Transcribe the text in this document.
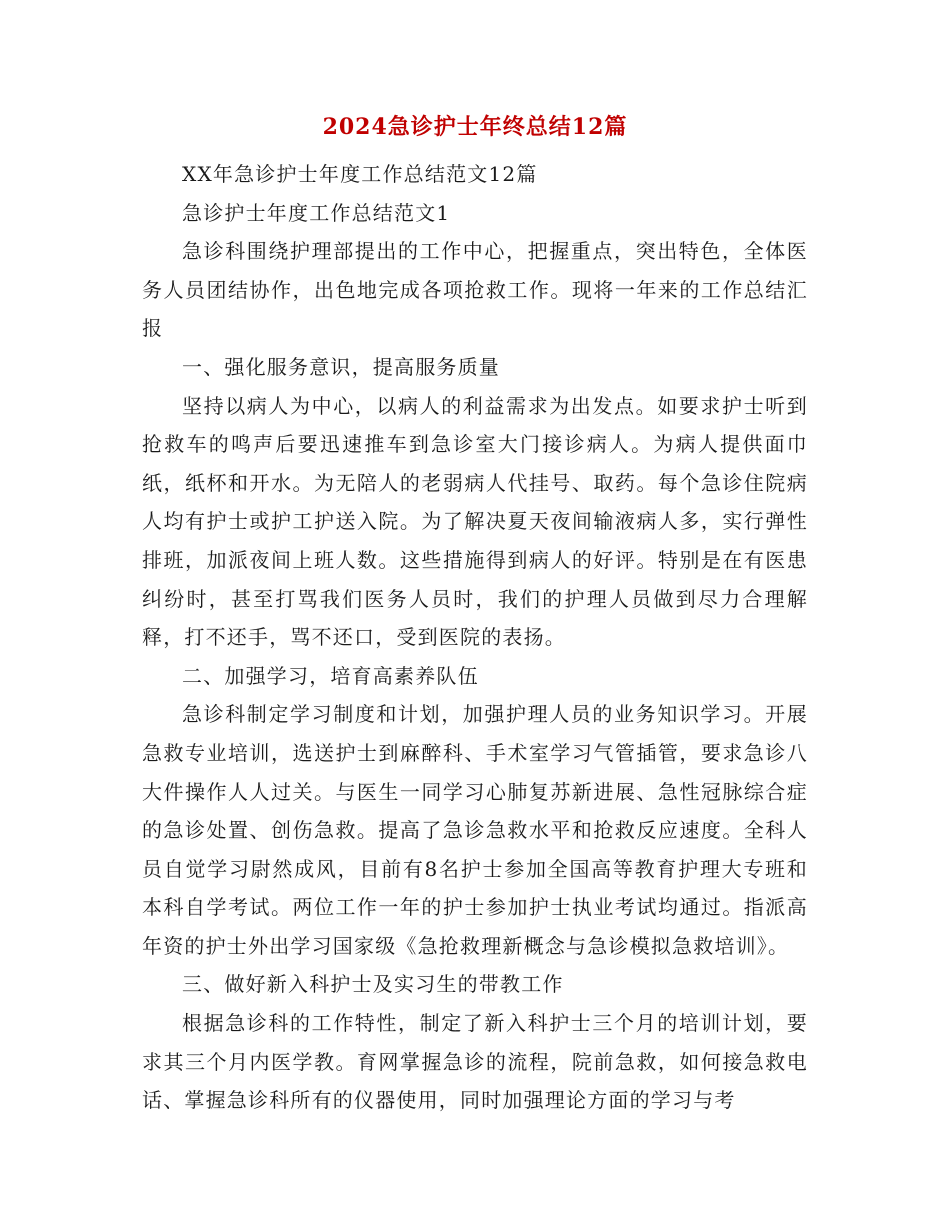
2024急诊护士年终总结12篇

XX年急诊护士年度工作总结范文12篇

急诊护士年度工作总结范文1

急诊科围绕护理部提出的工作中心，把握重点，突出特色，全体医务人员团结协作，出色地完成各项抢救工作。现将一年来的工作总结汇报

一、强化服务意识，提高服务质量

坚持以病人为中心，以病人的利益需求为出发点。如要求护士听到抢救车的鸣声后要迅速推车到急诊室大门接诊病人。为病人提供面巾纸，纸杯和开水。为无陪人的老弱病人代挂号、取药。每个急诊住院病人均有护士或护工护送入院。为了解决夏天夜间输液病人多，实行弹性排班，加派夜间上班人数。这些措施得到病人的好评。特别是在有医患纠纷时，甚至打骂我们医务人员时，我们的护理人员做到尽力合理解释，打不还手，骂不还口，受到医院的表扬。

二、加强学习，培育高素养队伍

急诊科制定学习制度和计划，加强护理人员的业务知识学习。开展急救专业培训，选送护士到麻醉科、手术室学习气管插管，要求急诊八大件操作人人过关。与医生一同学习心肺复苏新进展、急性冠脉综合症的急诊处置、创伤急救。提高了急诊急救水平和抢救反应速度。全科人员自觉学习尉然成风，目前有8名护士参加全国高等教育护理大专班和本科自学考试。两位工作一年的护士参加护士执业考试均通过。指派高年资的护士外出学习国家级《急抢救理新概念与急诊模拟急救培训》。

三、做好新入科护士及实习生的带教工作

根据急诊科的工作特性，制定了新入科护士三个月的培训计划，要求其三个月内医学教。育网掌握急诊的流程，院前急救，如何接急救电话、掌握急诊科所有的仪器使用，同时加强理论方面的学习与考
